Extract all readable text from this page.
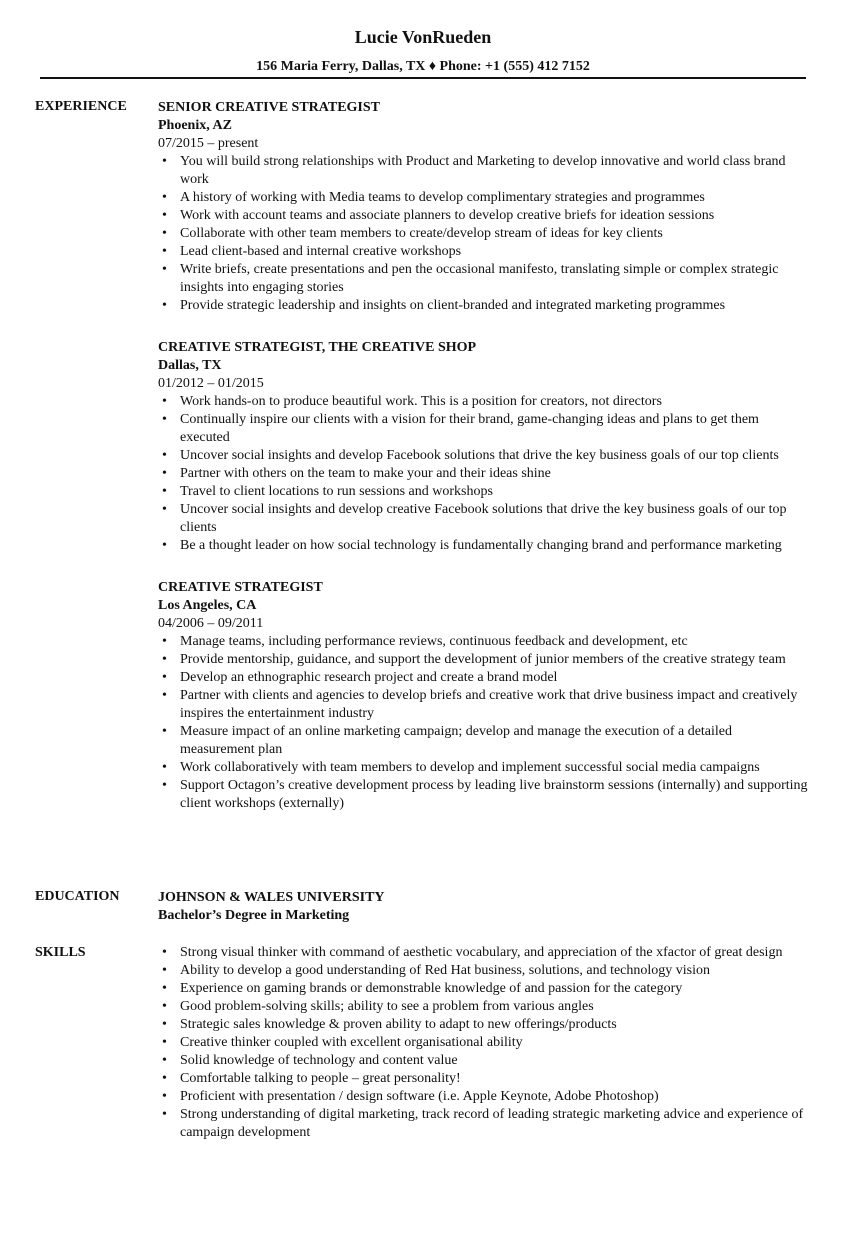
Lucie VonRueden
156 Maria Ferry, Dallas, TX ♦ Phone: +1 (555) 412 7152
EXPERIENCE SENIOR CREATIVE STRATEGIST
Phoenix, AZ
07/2015 – present
• You will build strong relationships with Product and Marketing to develop innovative and world class brand work
• A history of working with Media teams to develop complimentary strategies and programmes
• Work with account teams and associate planners to develop creative briefs for ideation sessions
• Collaborate with other team members to create/develop stream of ideas for key clients
• Lead client-based and internal creative workshops
• Write briefs, create presentations and pen the occasional manifesto, translating simple or complex strategic insights into engaging stories
• Provide strategic leadership and insights on client-branded and integrated marketing programmes
CREATIVE STRATEGIST, THE CREATIVE SHOP
Dallas, TX
01/2012 – 01/2015
• Work hands-on to produce beautiful work. This is a position for creators, not directors
• Continually inspire our clients with a vision for their brand, game-changing ideas and plans to get them executed
• Uncover social insights and develop Facebook solutions that drive the key business goals of our top clients
• Partner with others on the team to make your and their ideas shine
• Travel to client locations to run sessions and workshops
• Uncover social insights and develop creative Facebook solutions that drive the key business goals of our top clients
• Be a thought leader on how social technology is fundamentally changing brand and performance marketing
CREATIVE STRATEGIST
Los Angeles, CA
04/2006 – 09/2011
• Manage teams, including performance reviews, continuous feedback and development, etc
• Provide mentorship, guidance, and support the development of junior members of the creative strategy team
• Develop an ethnographic research project and create a brand model
• Partner with clients and agencies to develop briefs and creative work that drive business impact and creatively inspires the entertainment industry
• Measure impact of an online marketing campaign; develop and manage the execution of a detailed measurement plan
• Work collaboratively with team members to develop and implement successful social media campaigns
• Support Octagon’s creative development process by leading live brainstorm sessions (internally) and supporting client workshops (externally)
EDUCATION	JOHNSON & WALES UNIVERSITY
Bachelor’s Degree in Marketing
SKILLS
•	Strong visual thinker with command of aesthetic vocabulary, and appreciation of the xfactor of great design
• Ability to develop a good understanding of Red Hat business, solutions, and technology vision
• Experience on gaming brands or demonstrable knowledge of and passion for the category
• Good problem-solving skills; ability to see a problem from various angles
• Strategic sales knowledge & proven ability to adapt to new offerings/products
• Creative thinker coupled with excellent organisational ability
• Solid knowledge of technology and content value
• Comfortable talking to people – great personality!
• Proficient with presentation / design software (i.e. Apple Keynote, Adobe Photoshop)
• Strong understanding of digital marketing, track record of leading strategic marketing advice and experience of campaign development
